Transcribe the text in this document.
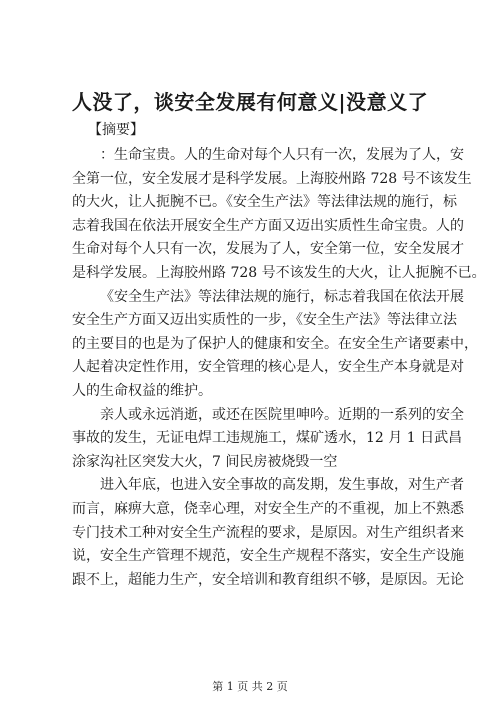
人没了，谈安全发展有何意义|没意义了
【摘要】
：生命宝贵。人的生命对每个人只有一次，发展为了人，安
全第一位，安全发展才是科学发展。上海胶州路 728 号不该发生
的大火，让人扼腕不已。《安全生产法》等法律法规的施行，标
志着我国在依法开展安全生产方面又迈出实质性生命宝贵。人的
生命对每个人只有一次，发展为了人，安全第一位，安全发展才
是科学发展。上海胶州路 728 号不该发生的大火，让人扼腕不已。
《安全生产法》等法律法规的施行，标志着我国在依法开展
安全生产方面又迈出实质性的一步，《安全生产法》等法律立法
的主要目的也是为了保护人的健康和安全。在安全生产诸要素中，
人起着决定性作用，安全管理的核心是人，安全生产本身就是对
人的生命权益的维护。
亲人或永远消逝，或还在医院里呻吟。近期的一系列的安全
事故的发生，无证电焊工违规施工，煤矿透水，12 月 1 日武昌
涂家沟社区突发大火，7 间民房被烧毁一空
进入年底，也进入安全事故的高发期，发生事故，对生产者
而言，麻痹大意，侥幸心理，对安全生产的不重视，加上不熟悉
专门技术工种对安全生产流程的要求，是原因。对生产组织者来
说，安全生产管理不规范，安全生产规程不落实，安全生产设施
跟不上，超能力生产，安全培训和教育组织不够，是原因。无论
第 1 页 共 2 页
